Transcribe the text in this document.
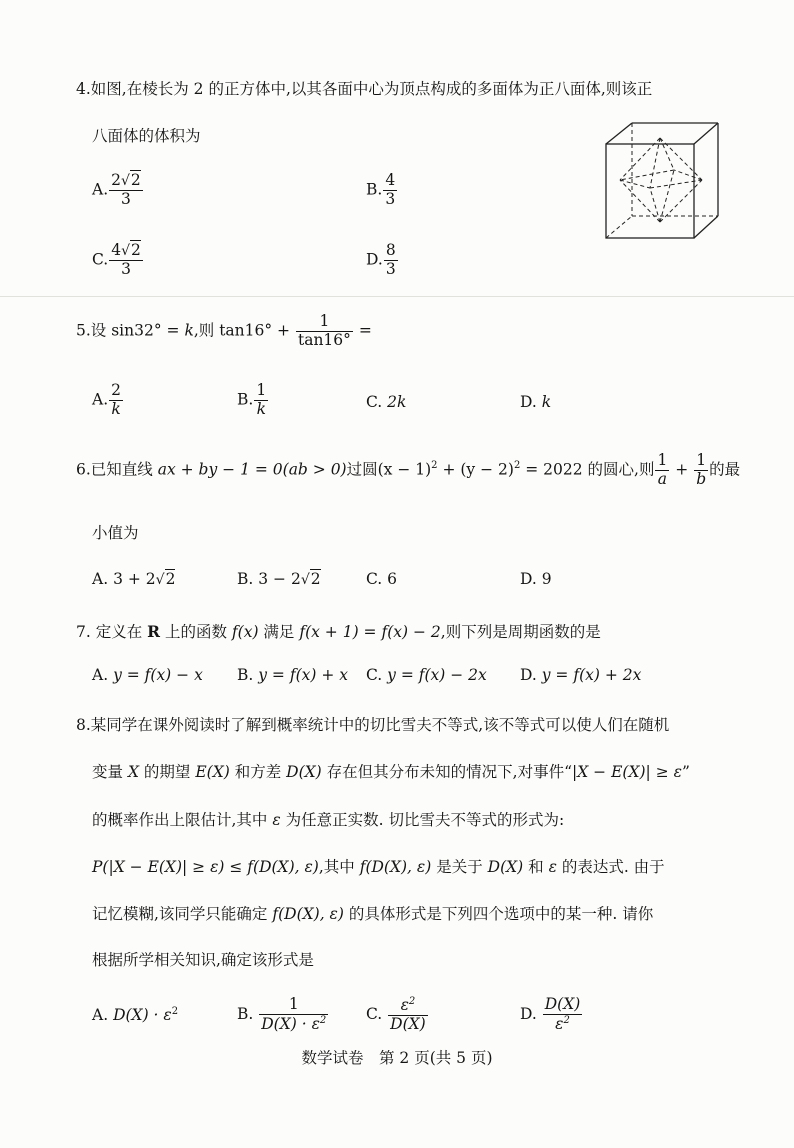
4.如图,在棱长为 2 的正方体中,以其各面中心为顶点构成的多面体为正八面体,则该正
八面体的体积为
A. $\frac{2√2}{3}$	B. $\frac{4}{3}$
C. $\frac{4√2}{3}$	D. $\frac{8}{3}$
5.设 sin32° = k,则 $\tan 16^\circ + \frac{1}{\tan 16^\circ}$ =
A. $\frac{2}{k}$	B. $\frac{1}{k}$	C. 2k	D. k
6.已知直线 ax + by − 1 = 0(ab > 0)过圆$(x - 1)^2 + (y - 2)^2 = 2022$ 的圆心,则 $\frac{1}{a} + \frac{1}{b}$ 的最
小值为
A. 3 + 2√2	B. 3 − 2√2	C. 6	D. 9
7. 定义在 R 上的函数 f(x) 满足 f(x + 1) = f(x) − 2,则下列是周期函数的是
A. y = f(x) − x B. y = f(x) + x C. y = f(x) − 2x D. y = f(x) + 2x
8.某同学在课外阅读时了解到概率统计中的切比雪夫不等式,该不等式可以使人们在随机
变量 X 的期望 E(X) 和方差 D(X) 存在但其分布未知的情况下,对事件“|X − E(X)| ≥ ε”
的概率作出上限估计,其中 ε 为任意正实数. 切比雪夫不等式的形式为:
P(|X − E(X)| ≥ ε) ≤ f(D(X), ε),其中 f(D(X), ε) 是关于 D(X) 和 ε 的表达式. 由于
记忆模糊,该同学只能确定 f(D(X), ε) 的具体形式是下列四个选项中的某一种. 请你
根据所学相关知识,确定该形式是
A. $D(X) \cdot \varepsilon^2$	B. $\frac{1}{D(X) \cdot \varepsilon^2} C$. $\frac{\varepsilon^2}{D(X)}$	D. $\frac{D(X)}{\varepsilon^2}$
数学试卷　第 2 页(共 5 页)
